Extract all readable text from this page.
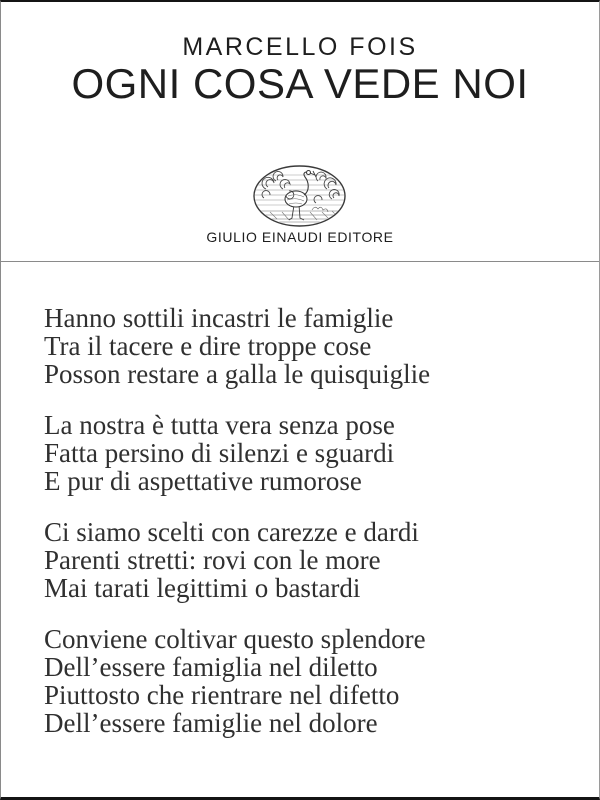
MARCELLO FOIS
OGNI COSA VEDE NOI
GIULIO EINAUDI EDITORE
Hanno sottili incastri le famiglie
Tra il tacere e dire troppe cose
Posson restare a galla le quisquiglie
La nostra è tutta vera senza pose
Fatta persino di silenzi e sguardi
E pur di aspettative rumorose
Ci siamo scelti con carezze e dardi
Parenti stretti: rovi con le more
Mai tarati legittimi o bastardi
Conviene coltivar questo splendore
Dell’essere famiglia nel diletto
Piuttosto che rientrare nel difetto
Dell’essere famiglie nel dolore
